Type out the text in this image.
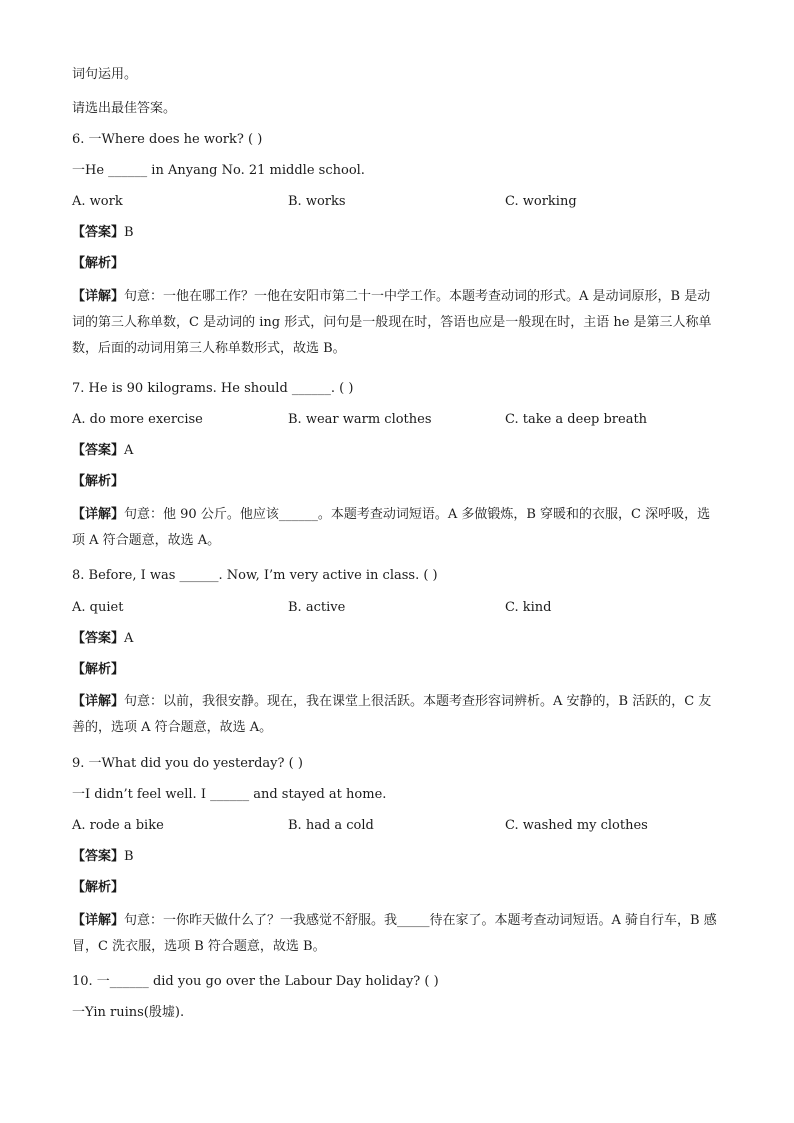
词句运用。
请选出最佳答案。
6. 一Where does he work? ( )
一He ______ in Anyang No. 21 middle school.
A. work	B. works	C. working
【答案】B
【解析】
【详解】句意：一他在哪工作？一他在安阳市第二十一中学工作。本题考查动词的形式。A 是动词原形，B 是动词的第三人称单数，C 是动词的 ing 形式，问句是一般现在时，答语也应是一般现在时，主语 he 是第三人称单数，后面的动词用第三人称单数形式，故选 B。
7. He is 90 kilograms. He should ______. ( )
A. do more exercise	B. wear warm clothes	C. take a deep breath
【答案】A
【解析】
【详解】句意：他 90 公斤。他应该______。本题考查动词短语。A 多做锻炼，B 穿暖和的衣服，C 深呼吸，选项 A 符合题意，故选 A。
8. Before, I was ______. Now, I’m very active in class. ( )
A. quiet	B. active	C. kind
【答案】A
【解析】
【详解】句意：以前，我很安静。现在，我在课堂上很活跃。本题考查形容词辨析。A 安静的，B 活跃的，C 友善的，选项 A 符合题意，故选 A。
9. 一What did you do yesterday? ( )
一I didn’t feel well. I ______ and stayed at home.
A. rode a bike	B. had a cold	C. washed my clothes
【答案】B
【解析】
【详解】句意：一你昨天做什么了？一我感觉不舒服。我_____待在家了。本题考查动词短语。A 骑自行车，B 感冒，C 洗衣服，选项 B 符合题意，故选 B。
10. 一______ did you go over the Labour Day holiday? ( )
一Yin ruins(殷墟).
